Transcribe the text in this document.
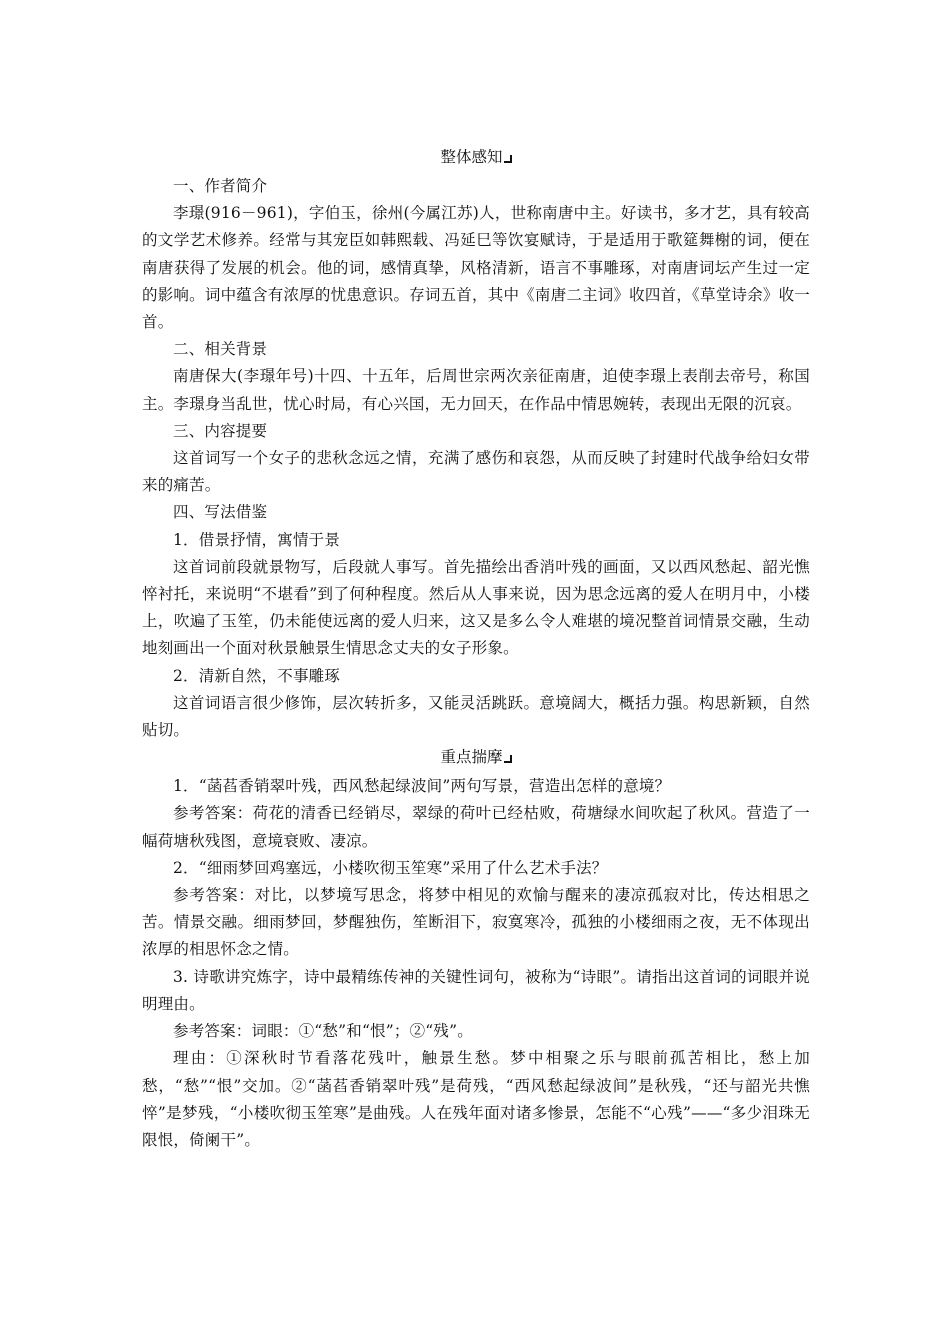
整体感知

一、作者简介

李璟(916－961)，字伯玉，徐州(今属江苏)人，世称南唐中主。好读书，多才艺，具有较高的文学艺术修养。经常与其宠臣如韩熙载、冯延巳等饮宴赋诗，于是适用于歌筵舞榭的词，便在南唐获得了发展的机会。他的词，感情真挚，风格清新，语言不事雕琢，对南唐词坛产生过一定的影响。词中蕴含有浓厚的忧患意识。存词五首，其中《南唐二主词》收四首，《草堂诗余》收一首。

二、相关背景

南唐保大(李璟年号)十四、十五年，后周世宗两次亲征南唐，迫使李璟上表削去帝号，称国主。李璟身当乱世，忧心时局，有心兴国，无力回天，在作品中情思婉转，表现出无限的沉哀。

三、内容提要

这首词写一个女子的悲秋念远之情，充满了感伤和哀怨，从而反映了封建时代战争给妇女带来的痛苦。

四、写法借鉴

1．借景抒情，寓情于景

这首词前段就景物写，后段就人事写。首先描绘出香消叶残的画面，又以西风愁起、韶光憔悴衬托，来说明“不堪看”到了何种程度。然后从人事来说，因为思念远离的爱人在明月中，小楼上，吹遍了玉笙，仍未能使远离的爱人归来，这又是多么令人难堪的境况整首词情景交融，生动地刻画出一个面对秋景触景生情思念丈夫的女子形象。

2．清新自然，不事雕琢

这首词语言很少修饰，层次转折多，又能灵活跳跃。意境阔大，概括力强。构思新颖，自然贴切。

重点揣摩

1．“菡萏香销翠叶残，西风愁起绿波间”两句写景，营造出怎样的意境？

参考答案：荷花的清香已经销尽，翠绿的荷叶已经枯败，荷塘绿水间吹起了秋风。营造了一幅荷塘秋残图，意境衰败、凄凉。

2．“细雨梦回鸡塞远，小楼吹彻玉笙寒”采用了什么艺术手法？

参考答案：对比，以梦境写思念，将梦中相见的欢愉与醒来的凄凉孤寂对比，传达相思之苦。情景交融。细雨梦回，梦醒独伤，笙断泪下，寂寞寒冷，孤独的小楼细雨之夜，无不体现出浓厚的相思怀念之情。

3. 诗歌讲究炼字，诗中最精练传神的关键性词句，被称为“诗眼”。请指出这首词的词眼并说明理由。

参考答案：词眼：①“愁”和“恨”；②“残”。

理由：①深秋时节看落花残叶，触景生愁。梦中相聚之乐与眼前孤苦相比，愁上加愁，“愁”“恨”交加。②“菡萏香销翠叶残”是荷残，“西风愁起绿波间”是秋残，“还与韶光共憔悴”是梦残，“小楼吹彻玉笙寒”是曲残。人在残年面对诸多惨景，怎能不“心残”——“多少泪珠无限恨，倚阑干”。
